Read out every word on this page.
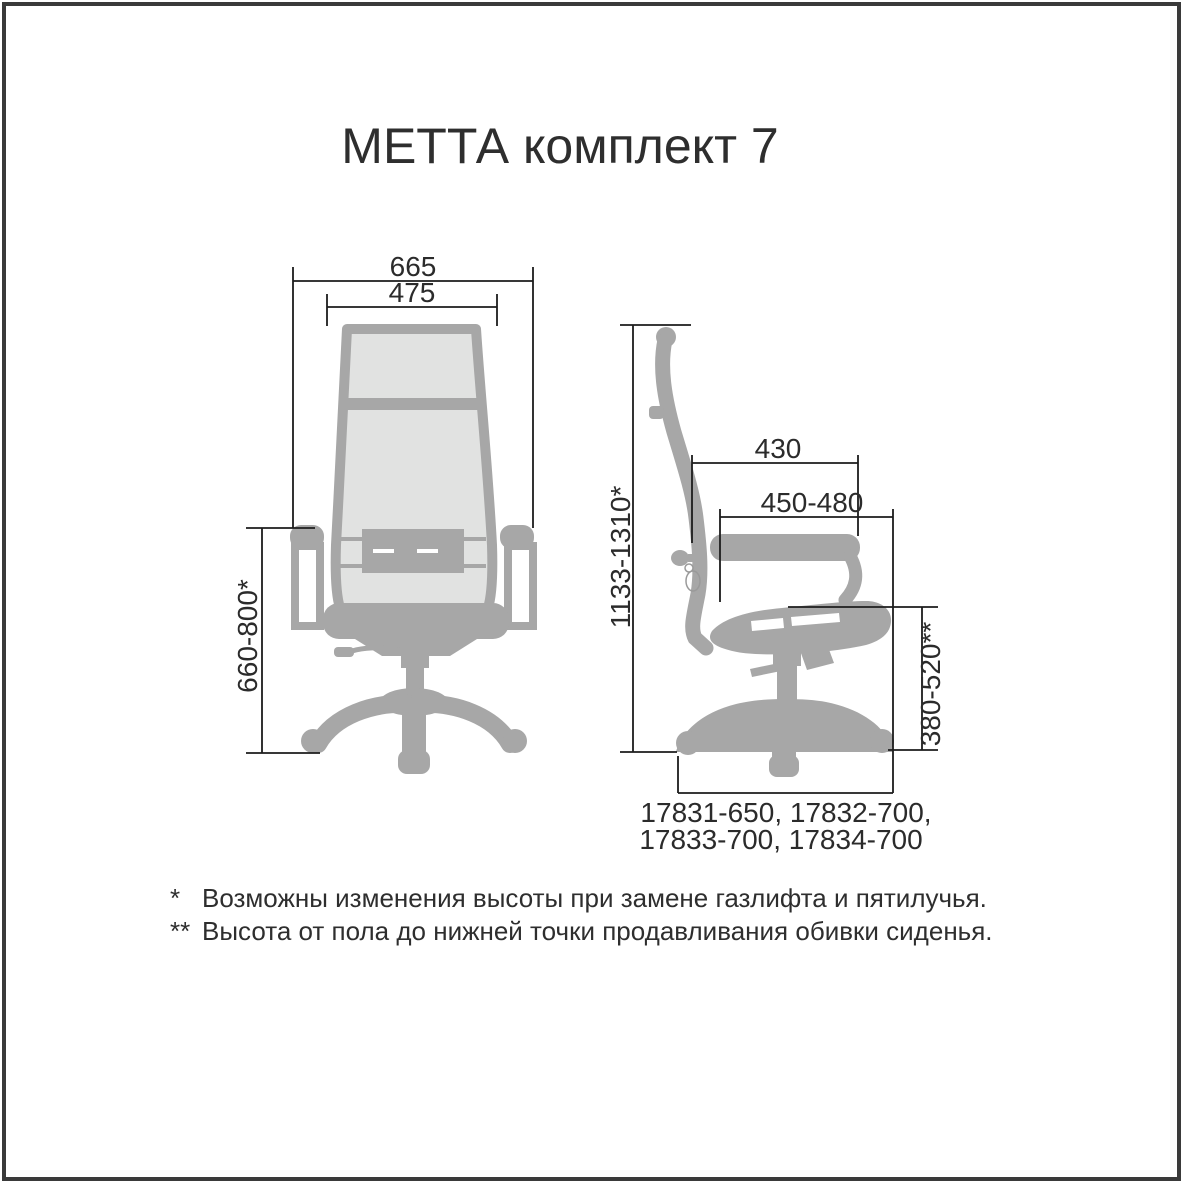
МЕТТА комплект 7
665
475
660-800*
1133-1310*
430
450-480
380-520**
17831-650, 17832-700,
17833-700, 17834-700
* Возможны изменения высоты при замене газлифта и пятилучья.
** Высота от пола до нижней точки продавливания обивки сиденья.
